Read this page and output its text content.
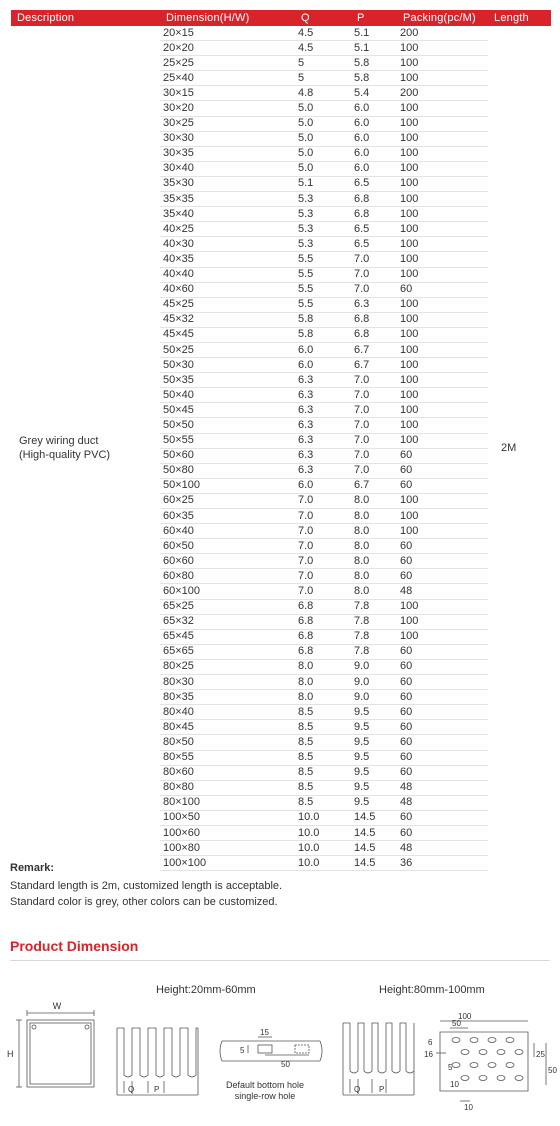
Description	Dimension(H/W)	Q	P	Packing(pc/M)	Length

Grey wiring duct
(High-quality PVC)	20×15	4.5	5.1	200	2M
	20×20	4.5	5.1	100	
	25×25	5	5.8	100	
	25×40	5	5.8	100	
	30×15	4.8	5.4	200	
	30×20	5.0	6.0	100	
	30×25	5.0	6.0	100	
	30×30	5.0	6.0	100	
	30×35	5.0	6.0	100	
	30×40	5.0	6.0	100	
	35×30	5.1	6.5	100	
	35×35	5.3	6.8	100	
	35×40	5.3	6.8	100	
	40×25	5.3	6.5	100	
	40×30	5.3	6.5	100	
	40×35	5.5	7.0	100	
	40×40	5.5	7.0	100	
	40×60	5.5	7.0	60	
	45×25	5.5	6.3	100	
	45×32	5.8	6.8	100	
	45×45	5.8	6.8	100	
	50×25	6.0	6.7	100	
	50×30	6.0	6.7	100	
	50×35	6.3	7.0	100	
	50×40	6.3	7.0	100	
	50×45	6.3	7.0	100	
	50×50	6.3	7.0	100	
	50×55	6.3	7.0	100	
	50×60	6.3	7.0	60	
	50×80	6.3	7.0	60	
	50×100	6.0	6.7	60	
	60×25	7.0	8.0	100	
	60×35	7.0	8.0	100	
	60×40	7.0	8.0	100	
	60×50	7.0	8.0	60	
	60×60	7.0	8.0	60	
	60×80	7.0	8.0	60	
	60×100	7.0	8.0	48	
	65×25	6.8	7.8	100	
	65×32	6.8	7.8	100	
	65×45	6.8	7.8	100	
	65×65	6.8	7.8	60	
	80×25	8.0	9.0	60	
	80×30	8.0	9.0	60	
	80×35	8.0	9.0	60	
	80×40	8.5	9.5	60	
	80×45	8.5	9.5	60	
	80×50	8.5	9.5	60	
	80×55	8.5	9.5	60	
	80×60	8.5	9.5	60	
	80×80	8.5	9.5	48	
	80×100	8.5	9.5	48	
	100×50	10.0	14.5	60	
	100×60	10.0	14.5	60	
	100×80	10.0	14.5	48	
	100×100	10.0	14.5	36	
Remark:
Standard length is 2m, customized length is acceptable.
Standard color is grey, other colors can be customized.
Product Dimension
Height:20mm-60mm	Height:80mm-100mm
Default bottom hole
single-row hole
W
H
Q P
15
5
50
Q P
100
50
6
16
5
10
10
25
50
